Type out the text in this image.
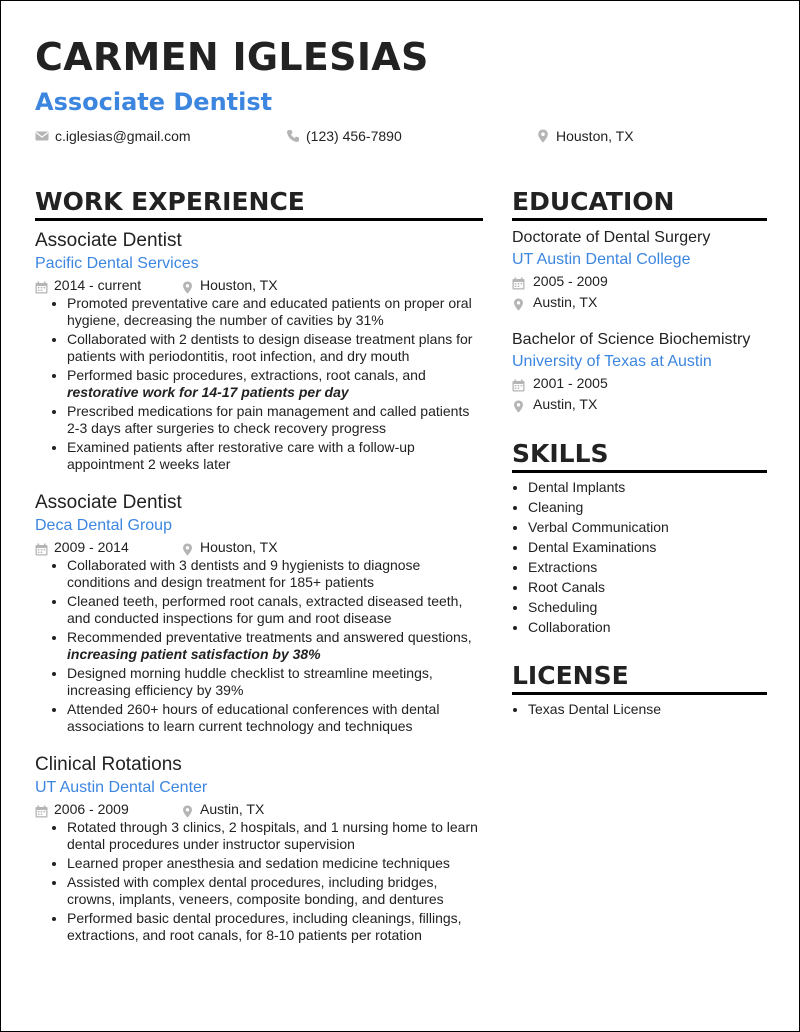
CARMEN IGLESIAS
Associate Dentist
c.iglesias@gmail.com	(123) 456-7890	Houston, TX
WORK EXPERIENCE

Associate Dentist

Pacific Dental Services

2014 - current	Houston, TX
• Promoted preventative care and educated patients on proper oral hygiene, decreasing the number of cavities by 31%
• Collaborated with 2 dentists to design disease treatment plans for patients with periodontitis, root infection, and dry mouth
• Performed basic procedures, extractions, root canals, and restorative work for 14-17 patients per day
• Prescribed medications for pain management and called patients 2-3 days after surgeries to check recovery progress
• Examined patients after restorative care with a follow-up appointment 2 weeks later

Associate Dentist

Deca Dental Group

2009 - 2014	Houston, TX
• Collaborated with 3 dentists and 9 hygienists to diagnose conditions and design treatment for 185+ patients
• Cleaned teeth, performed root canals, extracted diseased teeth, and conducted inspections for gum and root disease
• Recommended preventative treatments and answered questions, increasing patient satisfaction by 38%
• Designed morning huddle checklist to streamline meetings, increasing efficiency by 39%
• Attended 260+ hours of educational conferences with dental associations to learn current technology and techniques

Clinical Rotations

UT Austin Dental Center

2006 - 2009	Austin, TX
• Rotated through 3 clinics, 2 hospitals, and 1 nursing home to learn dental procedures under instructor supervision
• Learned proper anesthesia and sedation medicine techniques
• Assisted with complex dental procedures, including bridges, crowns, implants, veneers, composite bonding, and dentures
• Performed basic dental procedures, including cleanings, fillings, extractions, and root canals, for 8-10 patients per rotation
EDUCATION

Doctorate of Dental Surgery

UT Austin Dental College

2005 - 2009
Austin, TX

Bachelor of Science Biochemistry

University of Texas at Austin

2001 - 2005
Austin, TX
SKILLS
• Dental Implants
• Cleaning
• Verbal Communication
• Dental Examinations
• Extractions
• Root Canals
• Scheduling
• Collaboration
LICENSE
• Texas Dental License
